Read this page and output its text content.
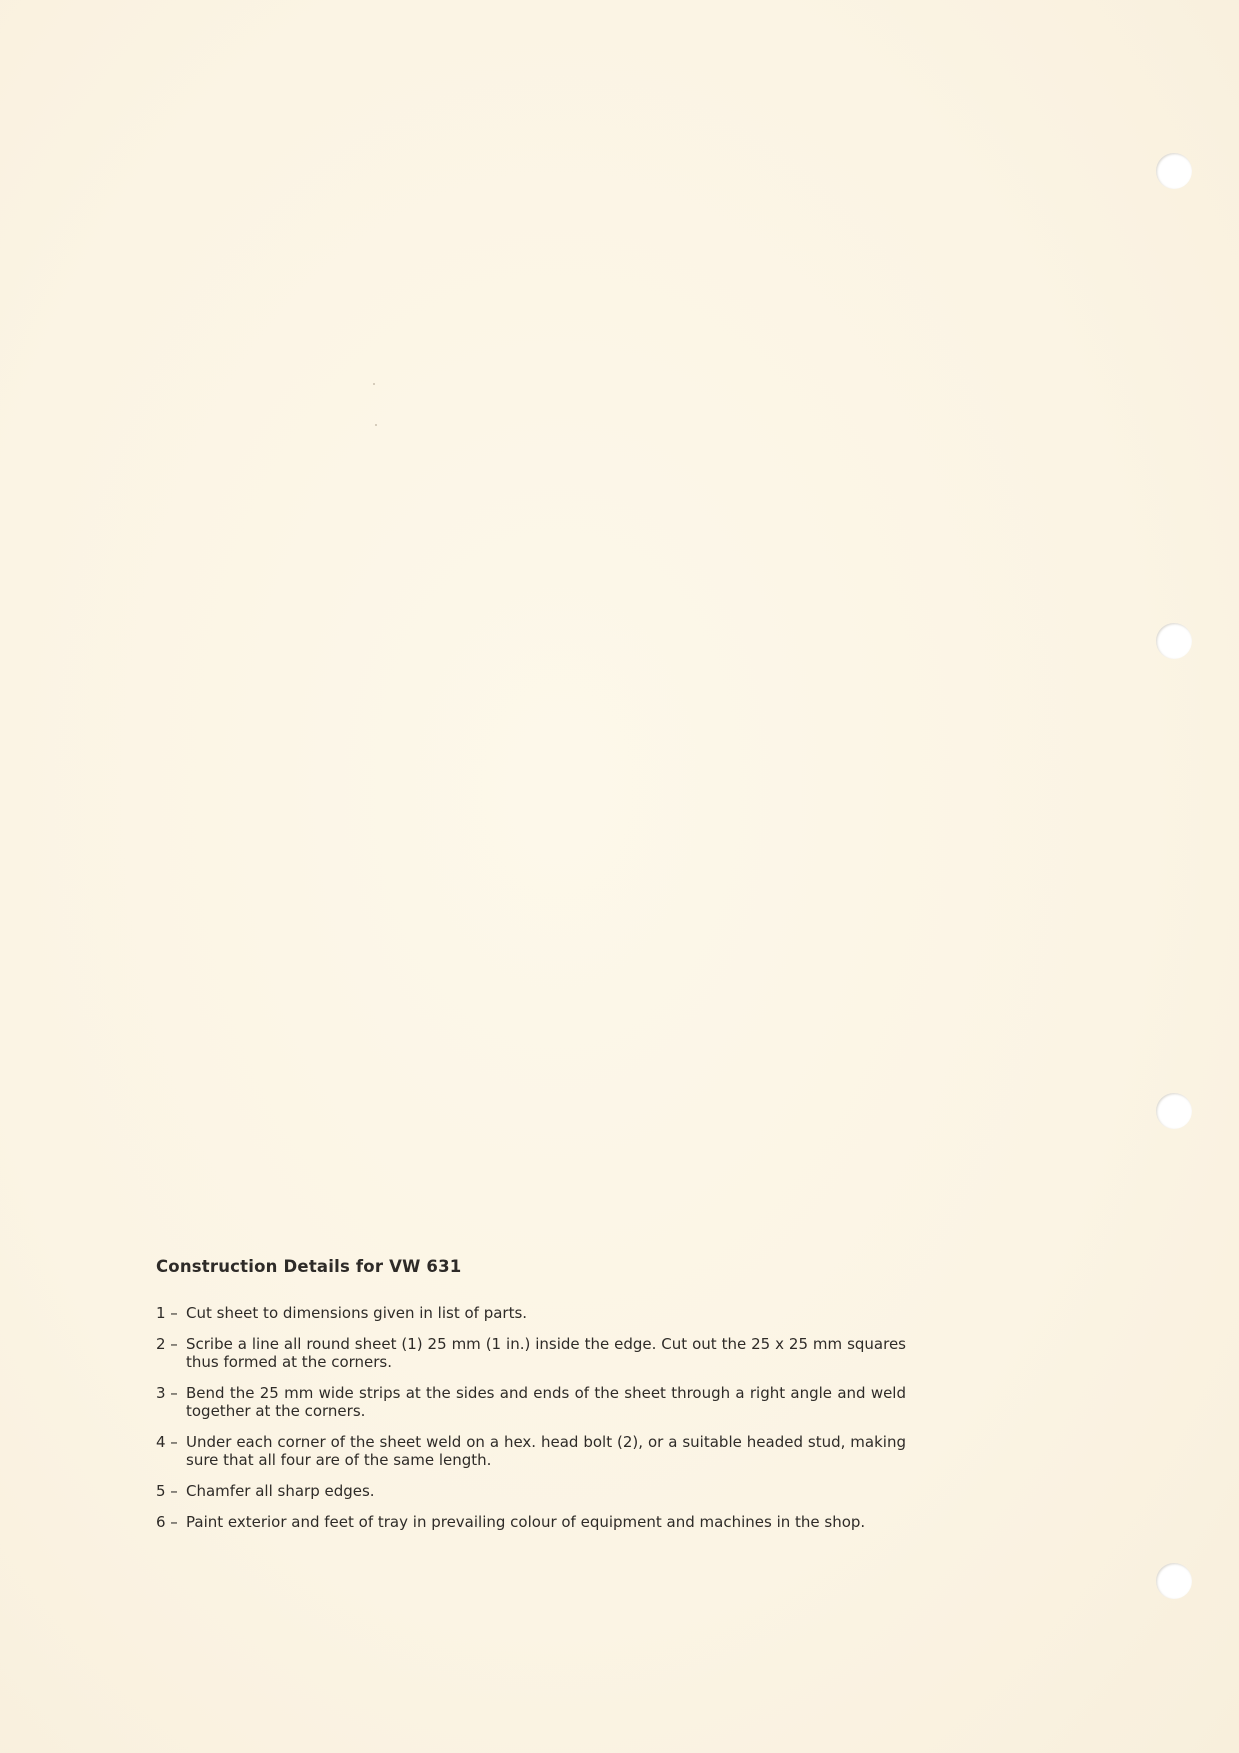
Construction Details for VW 631
1 – Cut sheet to dimensions given in list of parts.
2 – Scribe a line all round sheet (1) 25 mm (1 in.) inside the edge. Cut out the 25 x 25 mm squares thus formed at the corners.
3 – Bend the 25 mm wide strips at the sides and ends of the sheet through a right angle and weld together at the corners.
4 – Under each corner of the sheet weld on a hex. head bolt (2), or a suitable headed stud, making sure that all four are of the same length.
5 – Chamfer all sharp edges.
6 – Paint exterior and feet of tray in prevailing colour of equipment and machines in the shop.
